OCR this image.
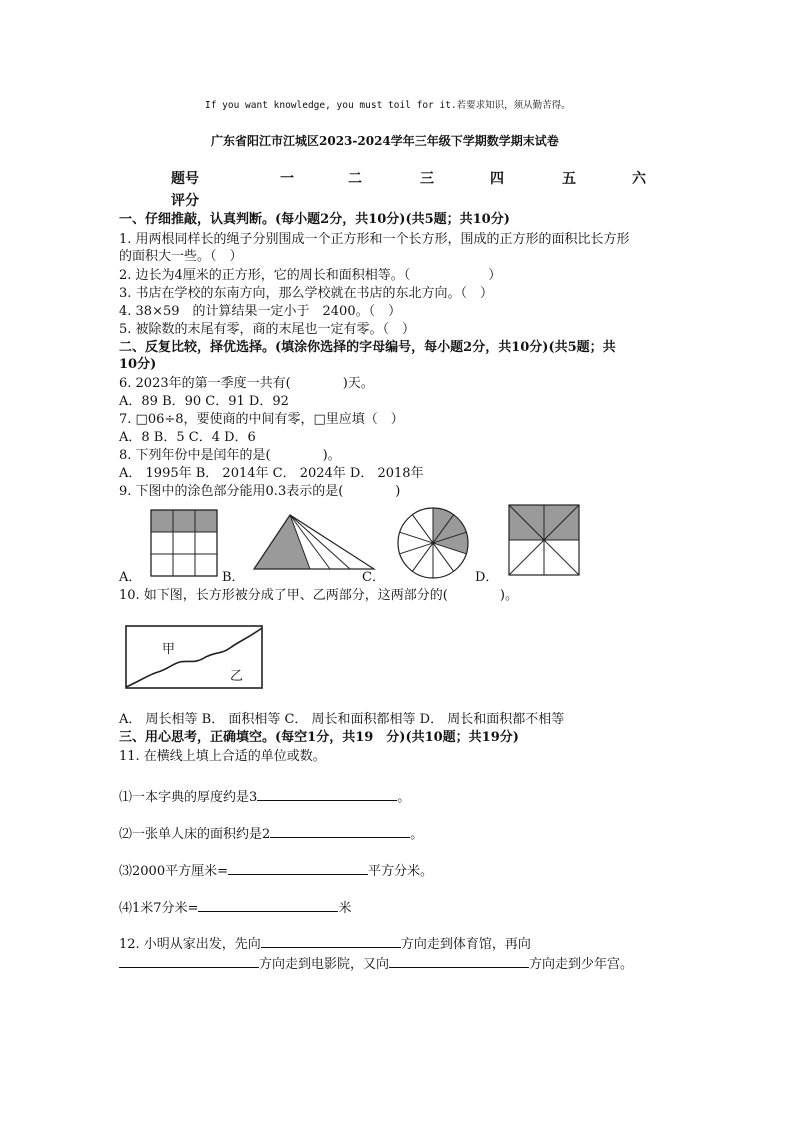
If you want knowledge, you must toil for it.若要求知识，须从勤苦得。
广东省阳江市江城区2023-2024学年三年级下学期数学期末试卷
题号	一	二	三	四	五	六
评分
一、仔细推敲，认真判断。(每小题2分，共10分)(共5题；共10分)
1. 用两根同样长的绳子分别围成一个正方形和一个长方形，围成的正方形的面积比长方形
的面积大一些。（　）
2. 边长为4厘米的正方形，它的周长和面积相等。（　　　　　　）
3. 书店在学校的东南方向，那么学校就在书店的东北方向。（　）
4. 38×59　的计算结果一定小于　2400。（　）
5. 被除数的末尾有零，商的末尾也一定有零。（　）
二、反复比较，择优选择。(填涂你选择的字母编号，每小题2分，共10分)(共5题；共
10分)
6. 2023年的第一季度一共有(　　　　)天。
A．89 B．90 C．91 D．92
7. □06÷8，要使商的中间有零，□里应填（　）
A．8 B．5 C．4 D．6
8. 下列年份中是闰年的是(　　　　)。
A． 1995年 B． 2014年 C． 2024年 D． 2018年
9. 下图中的涂色部分能用0.3表示的是(　　　　)
A．	B．	C．	D．
10. 如下图，长方形被分成了甲、乙两部分，这两部分的(　　　　)。
甲
乙
A． 周长相等 B． 面积相等 C． 周长和面积都相等 D． 周长和面积都不相等
三、用心思考，正确填空。(每空1分，共19　分)(共10题；共19分)
11. 在横线上填上合适的单位或数。
⑴一本字典的厚度约是3	。
⑵一张单人床的面积约是2	。
⑶2000平方厘米=	平方分米。
⑷1米7分米=	米
12. 小明从家出发，先向	方向走到体育馆，再向
方向走到电影院，又向	方向走到少年宫。
